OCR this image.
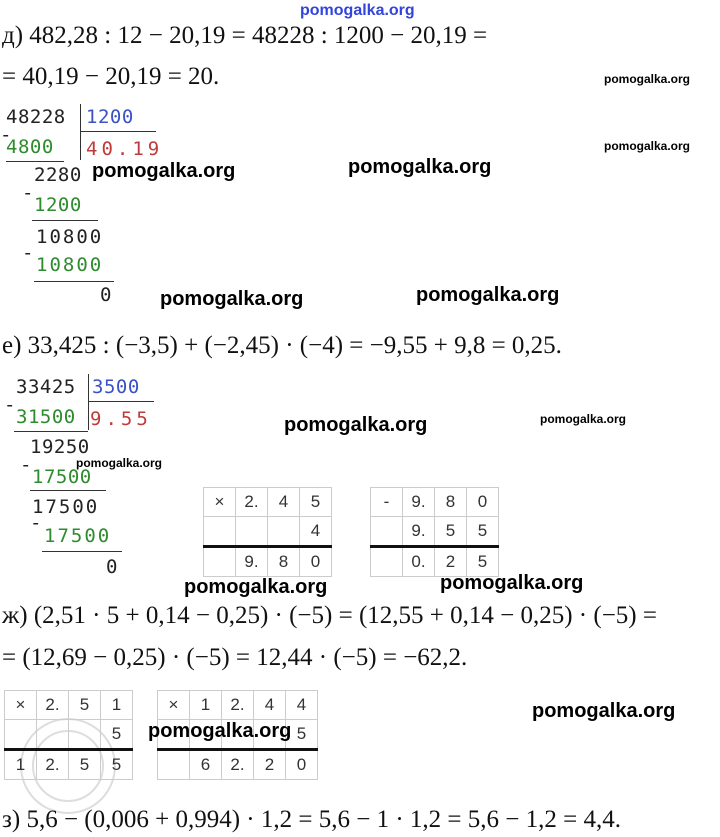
pomogalka.org
д) 482,28 : 12 − 20,19 = 48228 : 1200 − 20,19 =
= 40,19 − 20,19 = 20.	pomogalka.org
pomogalka.org
48228 1200
-
4800 40.19
2280
-
1200
10800
-
10800
0
pomogalka.org	pomogalka.org
pomogalka.org	pomogalka.org
е) 33,425 : (−3,5) + (−2,45) · (−4) = −9,55 + 9,8 = 0,25.
33425 3500
-
31500 9.55
19250
-
17500
17500
-
17500
0
pomogalka.org	pomogalka.org
pomogalka.org
×	2.	4	5
			4
	9.	8	0
-	9.	8	0
	9.	5	5
	0.	2	5
pomogalka.org	pomogalka.org
ж) (2,51 · 5 + 0,14 − 0,25) · (−5) = (12,55 + 0,14 − 0,25) · (−5) =
= (12,69 − 0,25) · (−5) = 12,44 · (−5) = −62,2.
×	2.	5	1
			5
1	2.	5	5
×	1	2.	4	4
				5
	6	2.	2	0
pomogalka.org
pomogalka.org
з) 5,6 − (0,006 + 0,994) · 1,2 = 5,6 − 1 · 1,2 = 5,6 − 1,2 = 4,4.
